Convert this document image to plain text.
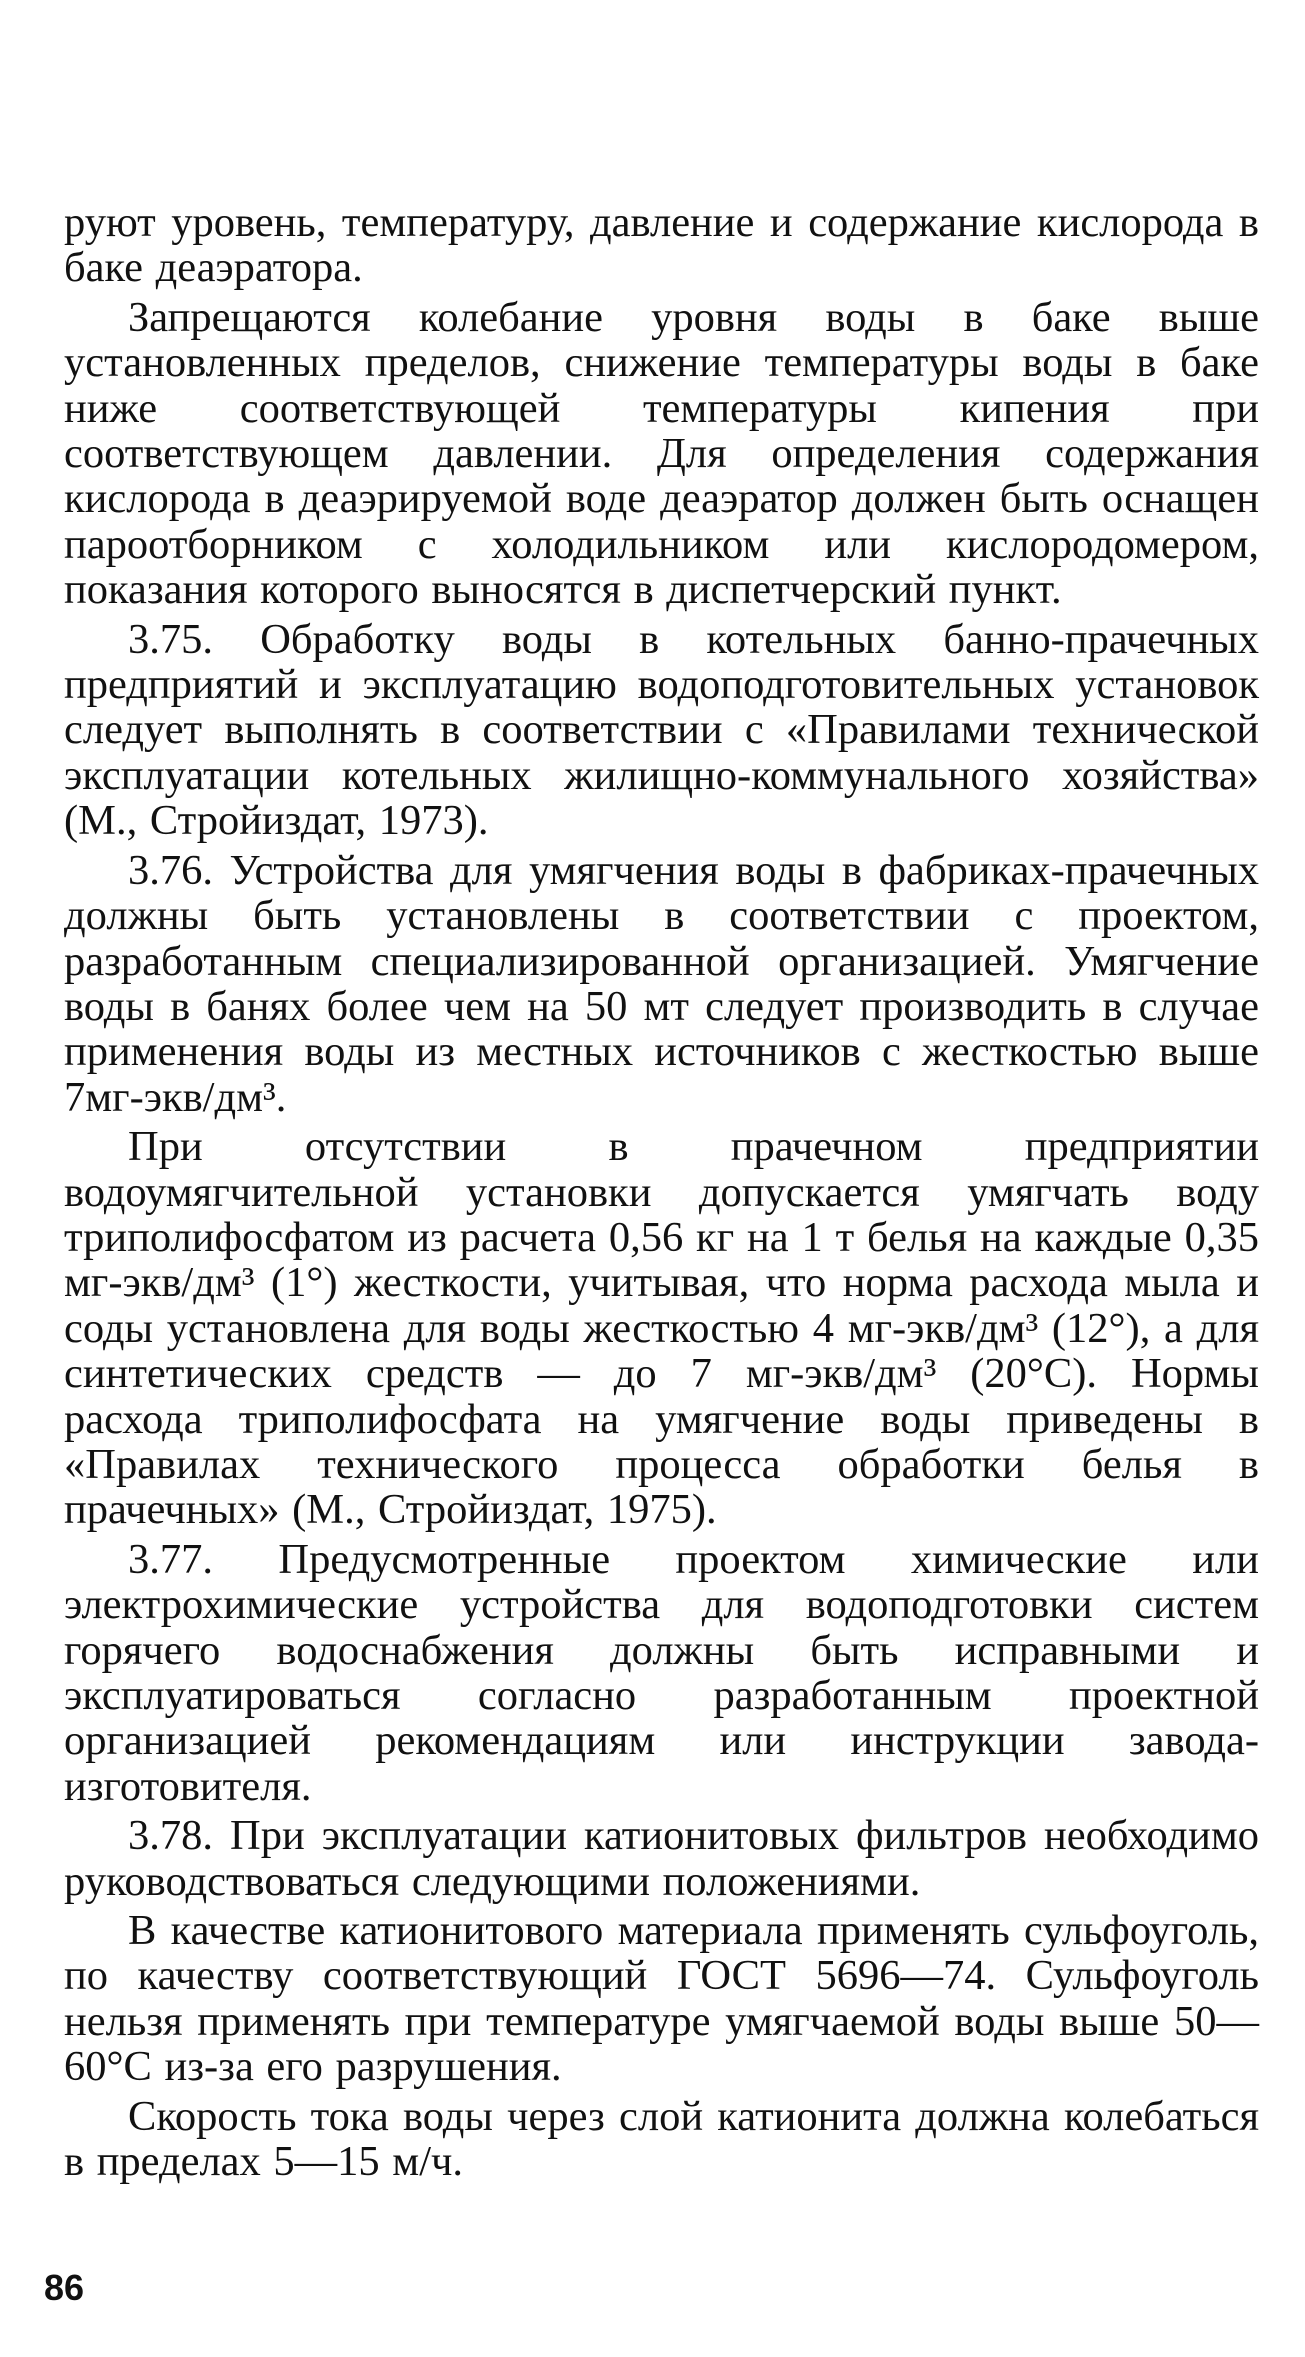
руют уровень, температуру, давление и содержание кислорода в баке деаэратора.

Запрещаются колебание уровня воды в баке выше установленных пределов, снижение температуры воды в баке ниже соответствующей температуры кипения при соответствующем давлении. Для определения содержания кислорода в деаэрируемой воде деаэратор должен быть оснащен пароотборником с холодильником или кислородомером, показания которого выносятся в диспетчерский пункт.

3.75. Обработку воды в котельных банно-прачечных предприятий и эксплуатацию водоподготовительных установок следует выполнять в соответствии с «Правилами технической эксплуатации котельных жилищно-коммунального хозяйства» (М., Стройиздат, 1973).

3.76. Устройства для умягчения воды в фабриках-прачечных должны быть установлены в соответствии с проектом, разработанным специализированной организацией. Умягчение воды в банях более чем на 50 мт следует производить в случае применения воды из местных источников с жесткостью выше 7мг-экв/дм³.

При отсутствии в прачечном предприятии водоумягчительной установки допускается умягчать воду триполифосфатом из расчета 0,56 кг на 1 т белья на каждые 0,35 мг-экв/дм³ (1°) жесткости, учитывая, что норма расхода мыла и соды установлена для воды жесткостью 4 мг-экв/дм³ (12°), а для синтетических средств — до 7 мг-экв/дм³ (20°С). Нормы расхода триполифосфата на умягчение воды приведены в «Правилах технического процесса обработки белья в прачечных» (М., Стройиздат, 1975).

3.77. Предусмотренные проектом химические или электрохимические устройства для водоподготовки систем горячего водоснабжения должны быть исправными и эксплуатироваться согласно разработанным проектной организацией рекомендациям или инструкции завода-изготовителя.

3.78. При эксплуатации катионитовых фильтров необходимо руководствоваться следующими положениями.

В качестве катионитового материала применять сульфоуголь, по качеству соответствующий ГОСТ 5696—74. Сульфоуголь нельзя применять при температуре умягчаемой воды выше 50—60°С из-за его разрушения.

Скорость тока воды через слой катионита должна колебаться в пределах 5—15 м/ч.

86
